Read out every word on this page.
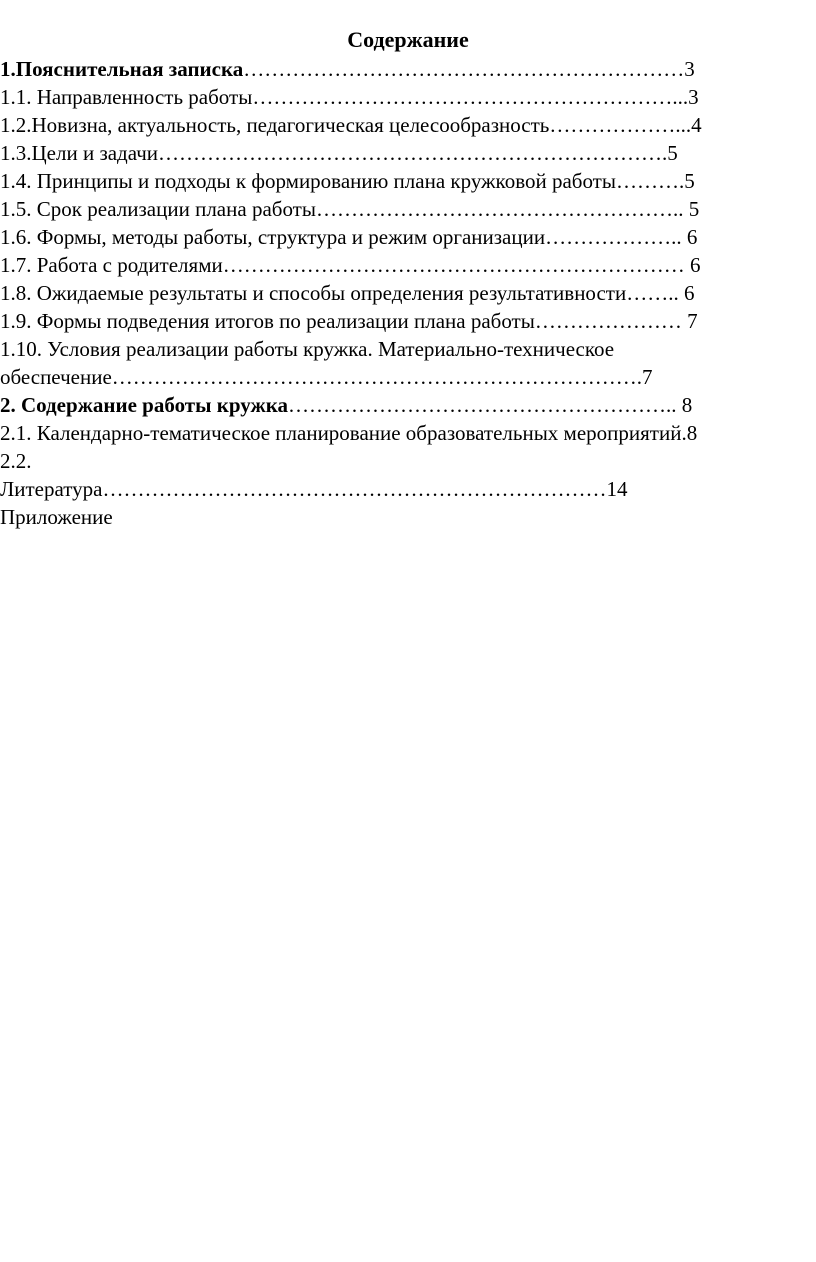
Содержание
1.Пояснительная записка………………………………………………………3
1.1. Направленность работы……………………………………………………...3
1.2.Новизна, актуальность, педагогическая целесообразность………………...4
1.3.Цели и задачи……………………………………………………………….5
1.4. Принципы и подходы к формированию плана кружковой работы……….5
1.5. Срок реализации плана работы…………………………………………….. 5
1.6. Формы, методы работы, структура и режим организации……………….. 6
1.7. Работа с родителями………………………………………………………… 6
1.8. Ожидаемые результаты и способы определения результативности…….. 6
1.9. Формы подведения итогов по реализации плана работы………………… 7
1.10. Условия реализации работы кружка. Материально-техническое
обеспечение………………………………………………………………….7
2. Содержание работы кружка……………………………………………….. 8
2.1. Календарно-тематическое планирование образовательных мероприятий.8
2.2.
Литература………………………………………………………………14
Приложение
